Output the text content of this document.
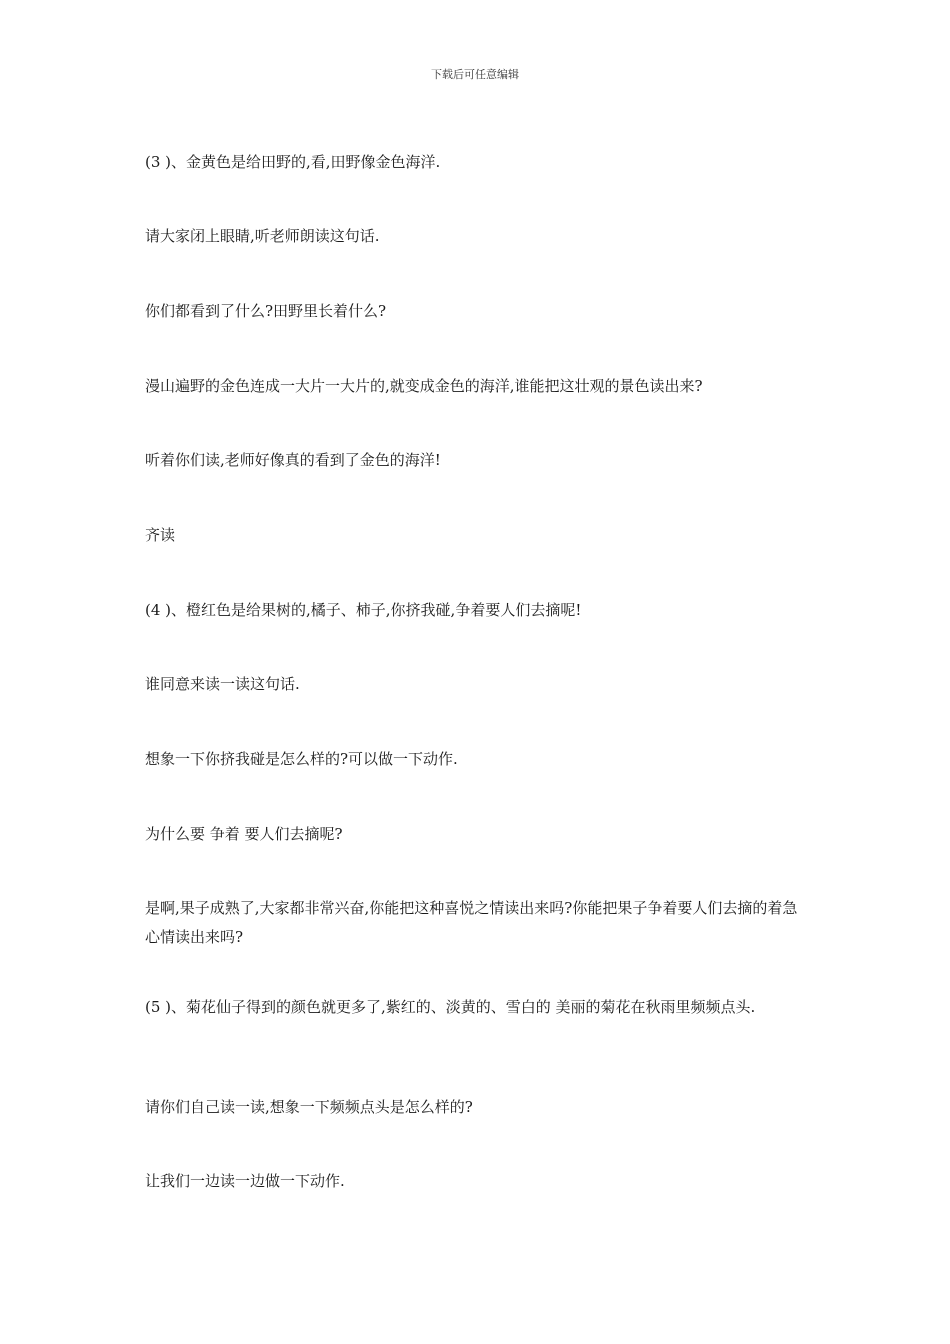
下载后可任意编辑
(3 )、金黄色是给田野的,看,田野像金色海洋.
请大家闭上眼睛,听老师朗读这句话.
你们都看到了什么?田野里长着什么?
漫山遍野的金色连成一大片一大片的,就变成金色的海洋,谁能把这壮观的景色读出来?
听着你们读,老师好像真的看到了金色的海洋!
齐读
(4 )、橙红色是给果树的,橘子、柿子,你挤我碰,争着要人们去摘呢!
谁同意来读一读这句话.
想象一下你挤我碰是怎么样的?可以做一下动作.
为什么要 争着 要人们去摘呢?
是啊,果子成熟了,大家都非常兴奋,你能把这种喜悦之情读出来吗?你能把果子争着要人们去摘的着急心情读出来吗?
(5 )、菊花仙子得到的颜色就更多了,紫红的、淡黄的、雪白的 美丽的菊花在秋雨里频频点头.
请你们自己读一读,想象一下频频点头是怎么样的?
让我们一边读一边做一下动作.
